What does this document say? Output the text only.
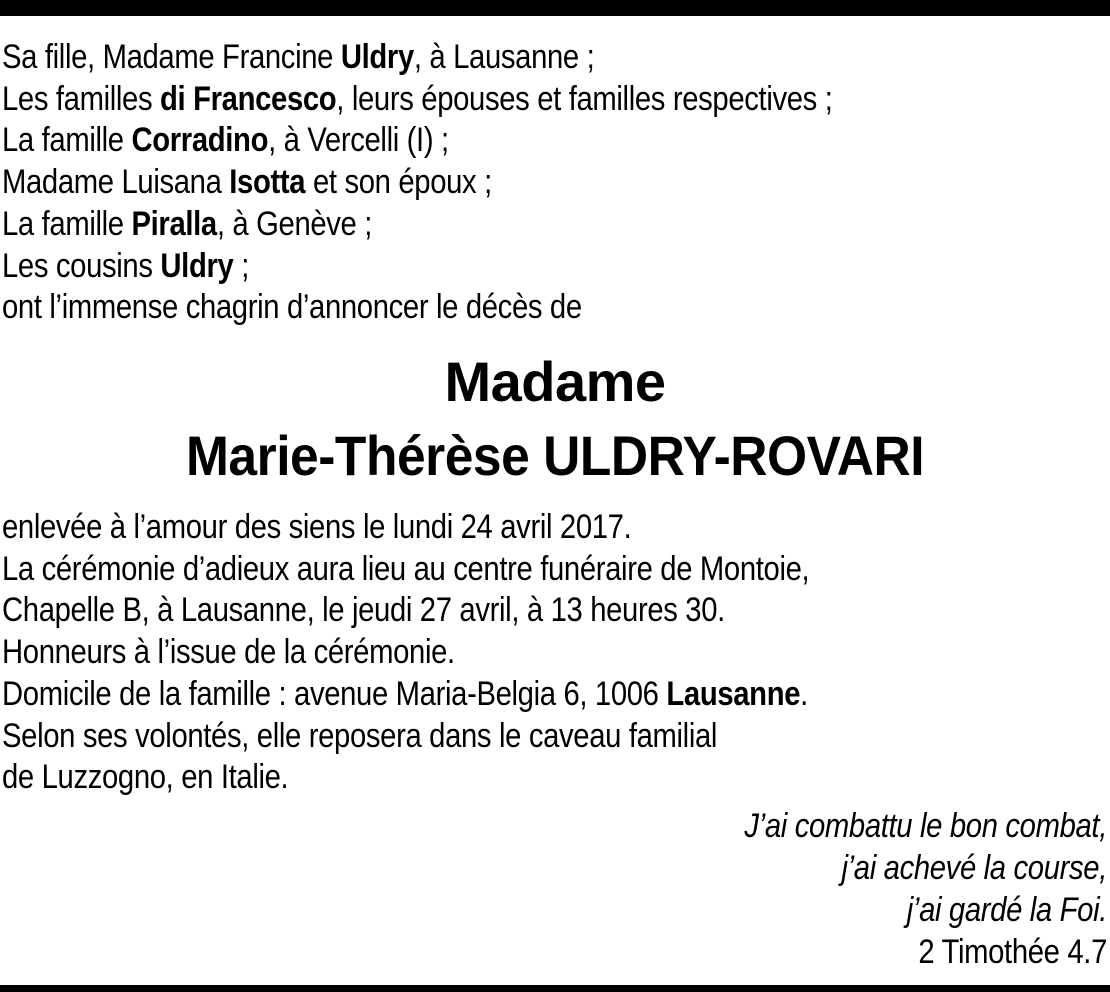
Sa fille, Madame Francine Uldry, à Lausanne ;
Les familles di Francesco, leurs épouses et familles respectives ;
La famille Corradino, à Vercelli (I) ;
Madame Luisana Isotta et son époux ;
La famille Piralla, à Genève ;
Les cousins Uldry ;
ont l’immense chagrin d’annoncer le décès de
Madame
Marie-Thérèse ULDRY-ROVARI
enlevée à l’amour des siens le lundi 24 avril 2017.
La cérémonie d’adieux aura lieu au centre funéraire de Montoie,
Chapelle B, à Lausanne, le jeudi 27 avril, à 13 heures 30.
Honneurs à l’issue de la cérémonie.
Domicile de la famille : avenue Maria-Belgia 6, 1006 Lausanne.
Selon ses volontés, elle reposera dans le caveau familial
de Luzzogno, en Italie.
J’ai combattu le bon combat,
j’ai achevé la course,
j’ai gardé la Foi.
2 Timothée 4.7
